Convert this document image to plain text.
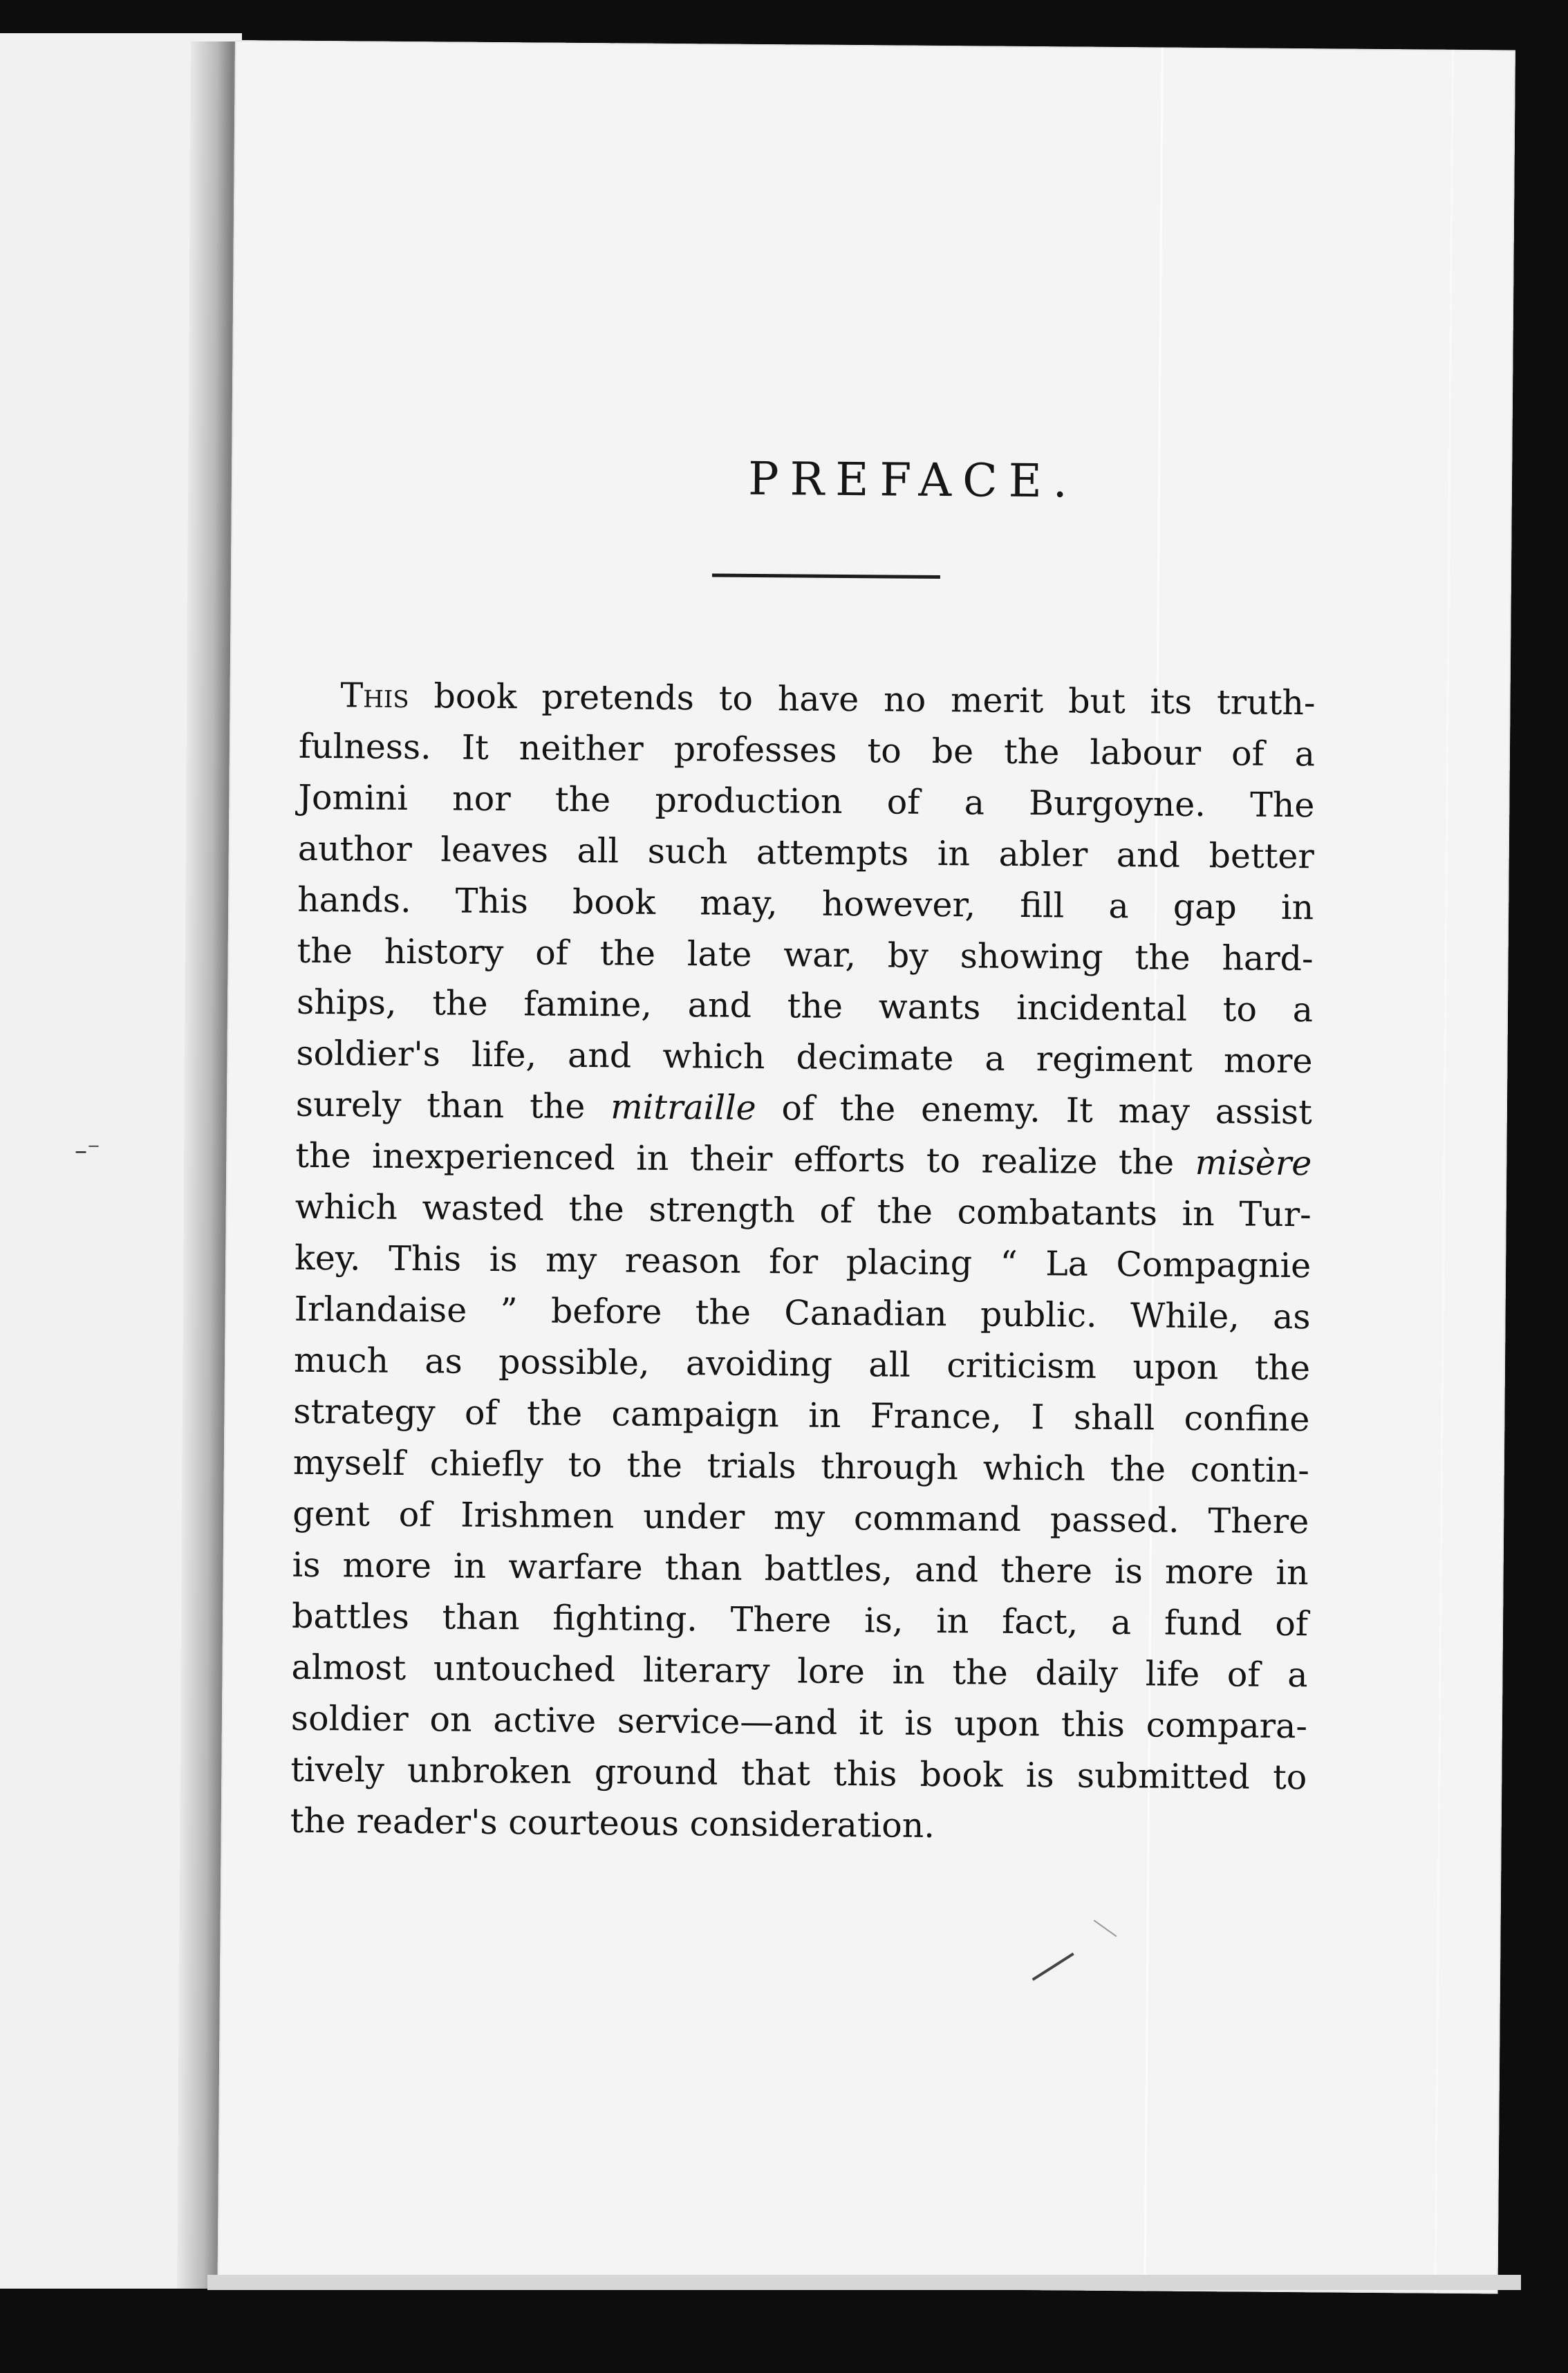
–⁻
PREFACE.
This book pretends to have no merit but its truth-
fulness. It neither professes to be the labour of a
Jomini nor the production of a Burgoyne. The
author leaves all such attempts in abler and better
hands. This book may, however, fill a gap in
the history of the late war, by showing the hard-
ships, the famine, and the wants incidental to a
soldier's life, and which decimate a regiment more
surely than the mitraille of the enemy. It may assist
the inexperienced in their efforts to realize the misère
which wasted the strength of the combatants in Tur-
key. This is my reason for placing “ La Compagnie
Irlandaise ” before the Canadian public. While, as
much as possible, avoiding all criticism upon the
strategy of the campaign in France, I shall confine
myself chiefly to the trials through which the contin-
gent of Irishmen under my command passed. There
is more in warfare than battles, and there is more in
battles than fighting. There is, in fact, a fund of
almost untouched literary lore in the daily life of a
soldier on active service—and it is upon this compara-
tively unbroken ground that this book is submitted to
the reader's courteous consideration.
